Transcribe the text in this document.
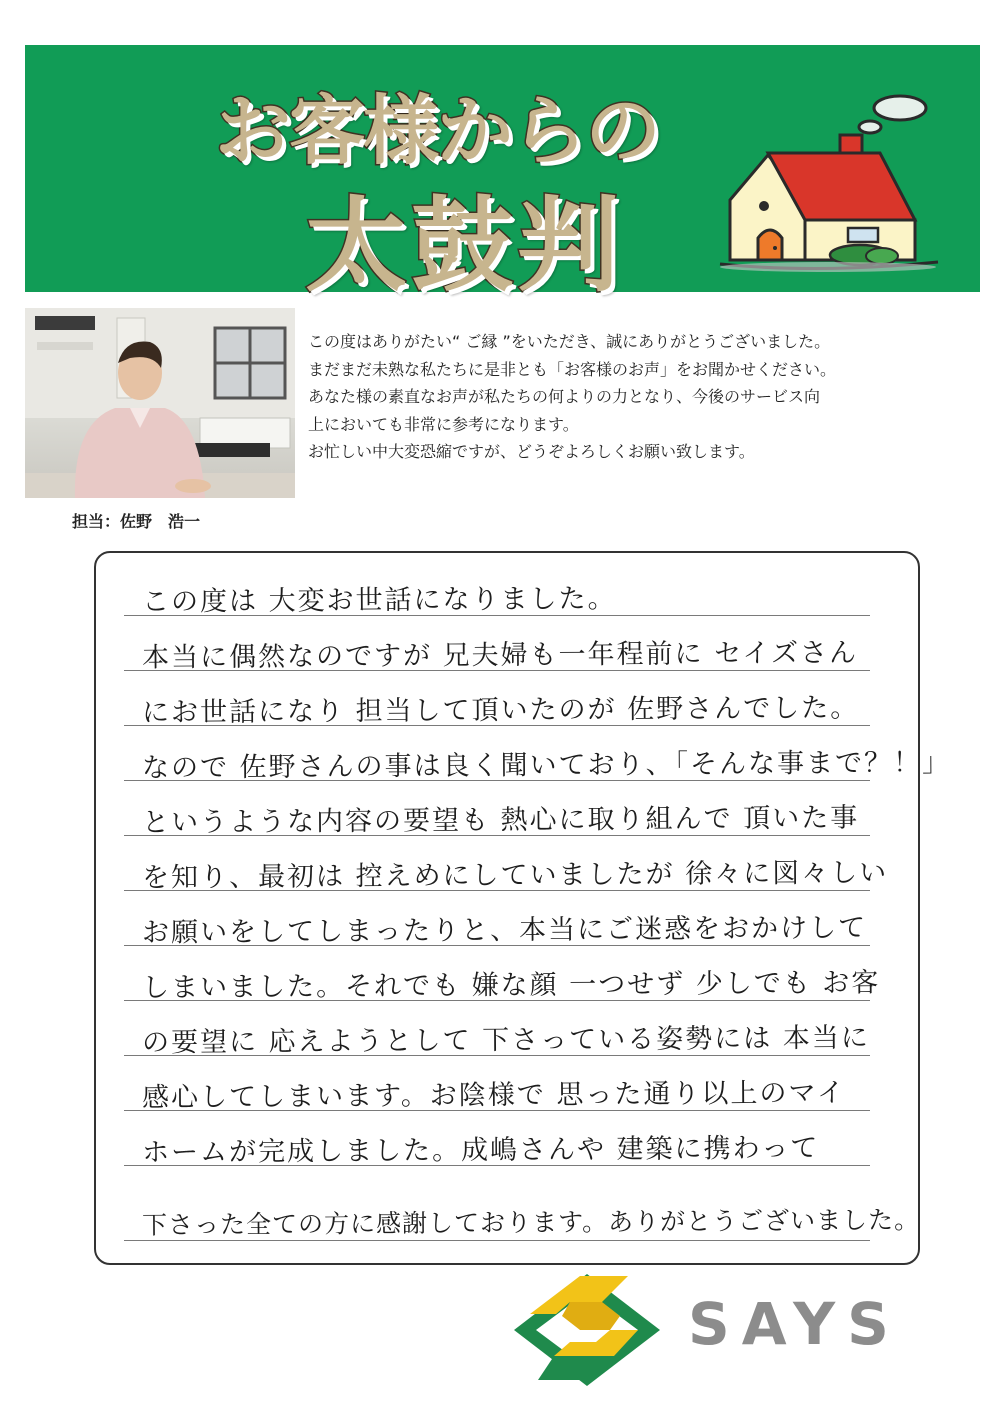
お客様からの
太鼓判

担当：佐野　浩一

この度はありがたい“ ご縁 ”をいただき、誠にありがとうございました。

まだまだ未熟な私たちに是非とも「お客様のお声」をお聞かせください。

あなた様の素直なお声が私たちの何よりの力となり、今後のサービス向

上においても非常に参考になります。

お忙しい中大変恐縮ですが、どうぞよろしくお願い致します。

この度は 大変お世話になりました。

本当に偶然なのですが 兄夫婦も一年程前に セイズさん

にお世話になり 担当して頂いたのが 佐野さんでした。

なので 佐野さんの事は良く聞いており、「そんな事まで？！」

というような内容の要望も 熱心に取り組んで 頂いた事

を知り、最初は 控えめにしていましたが 徐々に図々しい

お願いをしてしまったりと、本当にご迷惑をおかけして

しまいました。それでも 嫌な顔 一つせず 少しでも お客

の要望に 応えようとして 下さっている姿勢には 本当に

感心してしまいます。お陰様で 思った通り以上のマイ

ホームが完成しました。成嶋さんや 建築に携わって

下さった全ての方に感謝しております。ありがとうございました。

SAYS
